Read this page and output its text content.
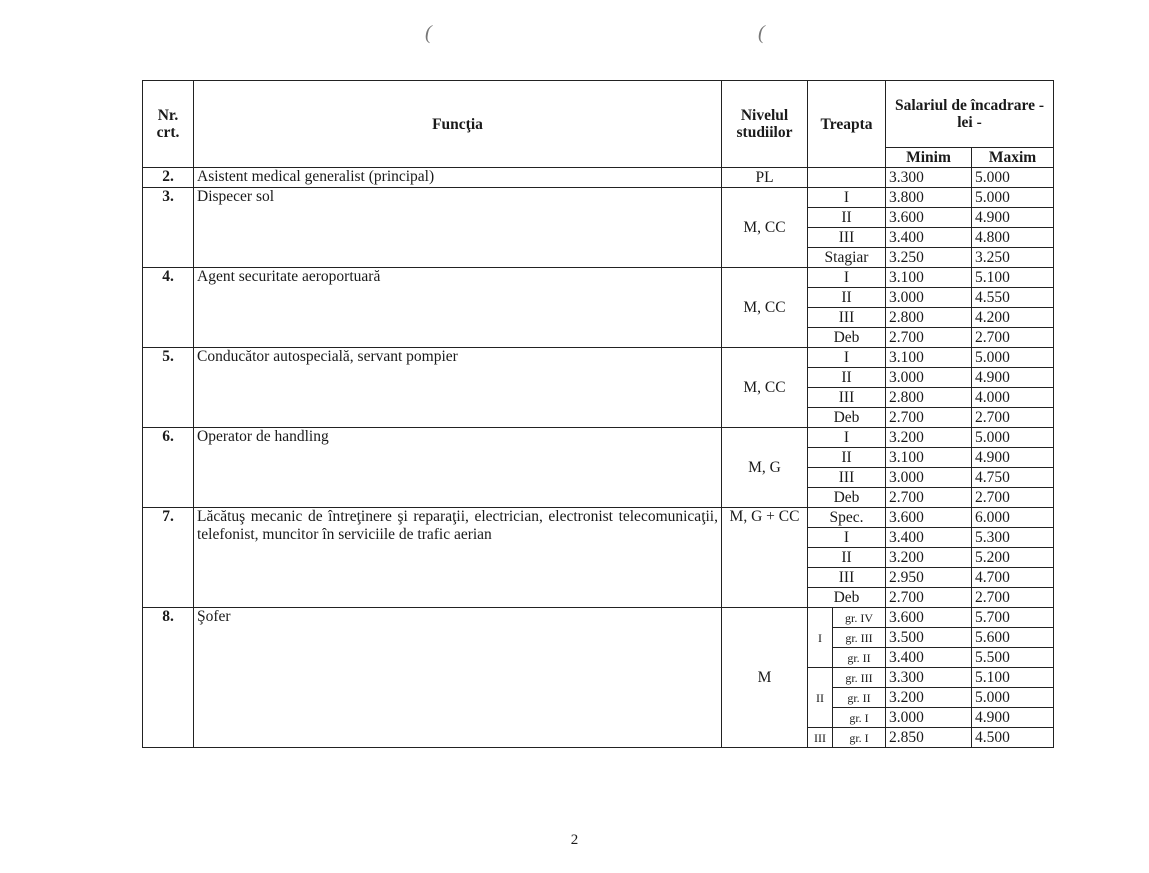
(	(
Nr. crt.	Funcţia	Nivelul studiilor	Treapta		Salariul de încadrare - lei -	
					Minim	Maxim
2.	Asistent medical generalist (principal)	PL			3.300	5.000
3.	Dispecer sol	M, CC	I		3.800	5.000
			II		3.600	4.900
			III		3.400	4.800
			Stagiar		3.250	3.250
4.	Agent securitate aeroportuară	M, CC	I		3.100	5.100
			II		3.000	4.550
			III		2.800	4.200
			Deb		2.700	2.700
5.	Conducător autospecială, servant pompier	M, CC	I		3.100	5.000
			II		3.000	4.900
			III		2.800	4.000
			Deb		2.700	2.700
6.	Operator de handling	M, G	I		3.200	5.000
			II		3.100	4.900
			III		3.000	4.750
			Deb		2.700	2.700
7.	Lăcătuş mecanic de întreţinere şi reparaţii, electrician, electronist telecomunicaţii, telefonist, muncitor în serviciile de trafic aerian	M, G + CC	Spec.		3.600	6.000
			I		3.400	5.300
			II		3.200	5.200
			III		2.950	4.700
			Deb		2.700	2.700
8.	Şofer	M	I	gr. IV	3.600	5.700
				gr. III	3.500	5.600
				gr. II	3.400	5.500
			II	gr. III	3.300	5.100
				gr. II	3.200	5.000
				gr. I	3.000	4.900
			III	gr. I	2.850	4.500
2
